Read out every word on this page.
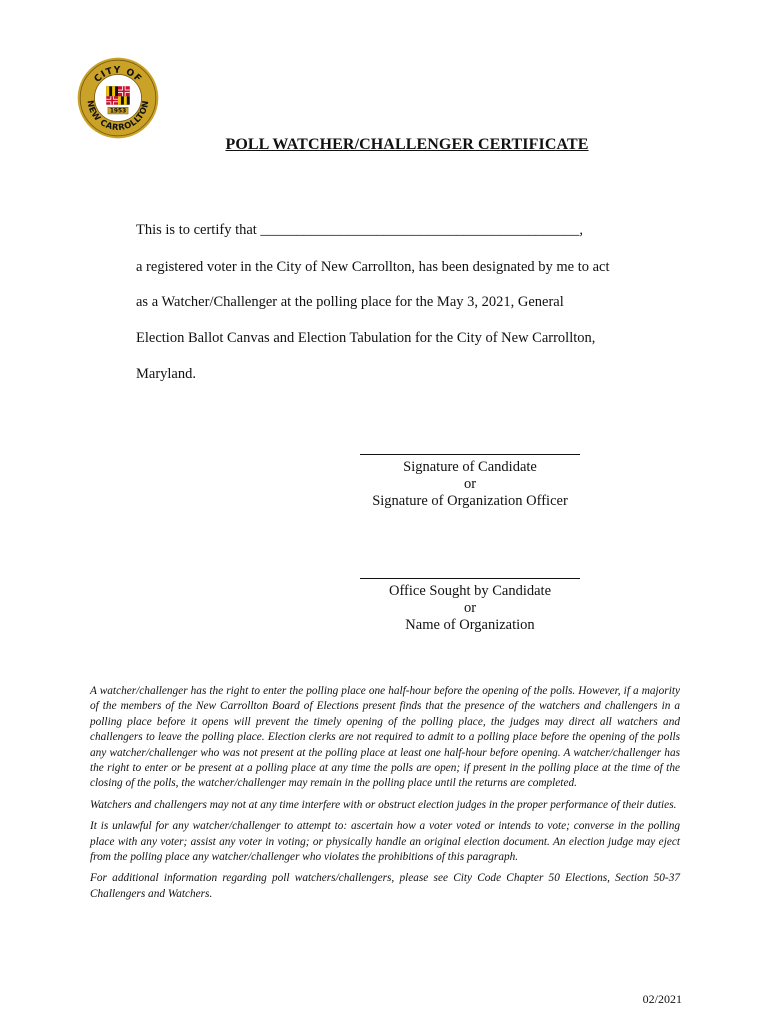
CITY OF
NEW CARROLLTON
1953
POLL WATCHER/CHALLENGER CERTIFICATE
This is to certify that ____________________________________________,
a registered voter in the City of New Carrollton, has been designated by me to act
as a Watcher/Challenger at the polling place for the May 3, 2021, General
Election Ballot Canvas and Election Tabulation for the City of New Carrollton,
Maryland.
Signature of Candidate
or
Signature of Organization Officer
Office Sought by Candidate
or
Name of Organization

A watcher/challenger has the right to enter the polling place one half-hour before the opening of the polls. However, if a majority of the members of the New Carrollton Board of Elections present finds that the presence of the watchers and challengers in a polling place before it opens will prevent the timely opening of the polling place, the judges may direct all watchers and challengers to leave the polling place. Election clerks are not required to admit to a polling place before the opening of the polls any watcher/challenger who was not present at the polling place at least one half-hour before opening. A watcher/challenger has the right to enter or be present at a polling place at any time the polls are open; if present in the polling place at the time of the closing of the polls, the watcher/challenger may remain in the polling place until the returns are completed.

Watchers and challengers may not at any time interfere with or obstruct election judges in the proper performance of their duties.

It is unlawful for any watcher/challenger to attempt to: ascertain how a voter voted or intends to vote; converse in the polling place with any voter; assist any voter in voting; or physically handle an original election document. An election judge may eject from the polling place any watcher/challenger who violates the prohibitions of this paragraph.

For additional information regarding poll watchers/challengers, please see City Code Chapter 50 Elections, Section 50-37 Challengers and Watchers.

02/2021
